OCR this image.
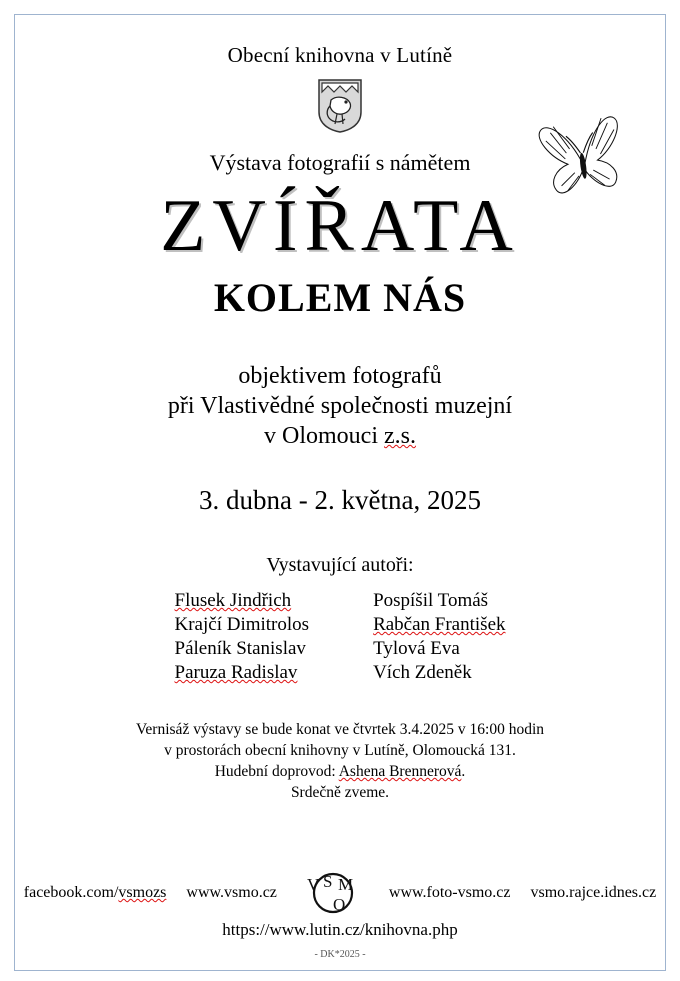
Obecní knihovna v Lutíně
Výstava fotografií s námětem
ZVÍŘATA
KOLEM NÁS
objektivem fotografů
při Vlastivědné společnosti muzejní
v Olomouci z.s.
3. dubna - 2. května, 2025
Vystavující autoři:
Flusek Jindřich
Krajčí Dimitrolos
Páleník Stanislav
Paruza Radislav
Pospíšil Tomáš
Rabčan František
Tylová Eva
Vích Zdeněk
Vernisáž výstavy se bude konat ve čtvrtek 3.4.2025 v 16:00 hodin
v prostorách obecní knihovny v Lutíně, Olomoucká 131.
Hudební doprovod: Ashena Brennerová.
Srdečně zveme.
facebook.com/vsmozs www.vsmo.cz V S M
O
www.foto-vsmo.cz vsmo.rajce.idnes.cz
https://www.lutin.cz/knihovna.php
- DK*2025 -
